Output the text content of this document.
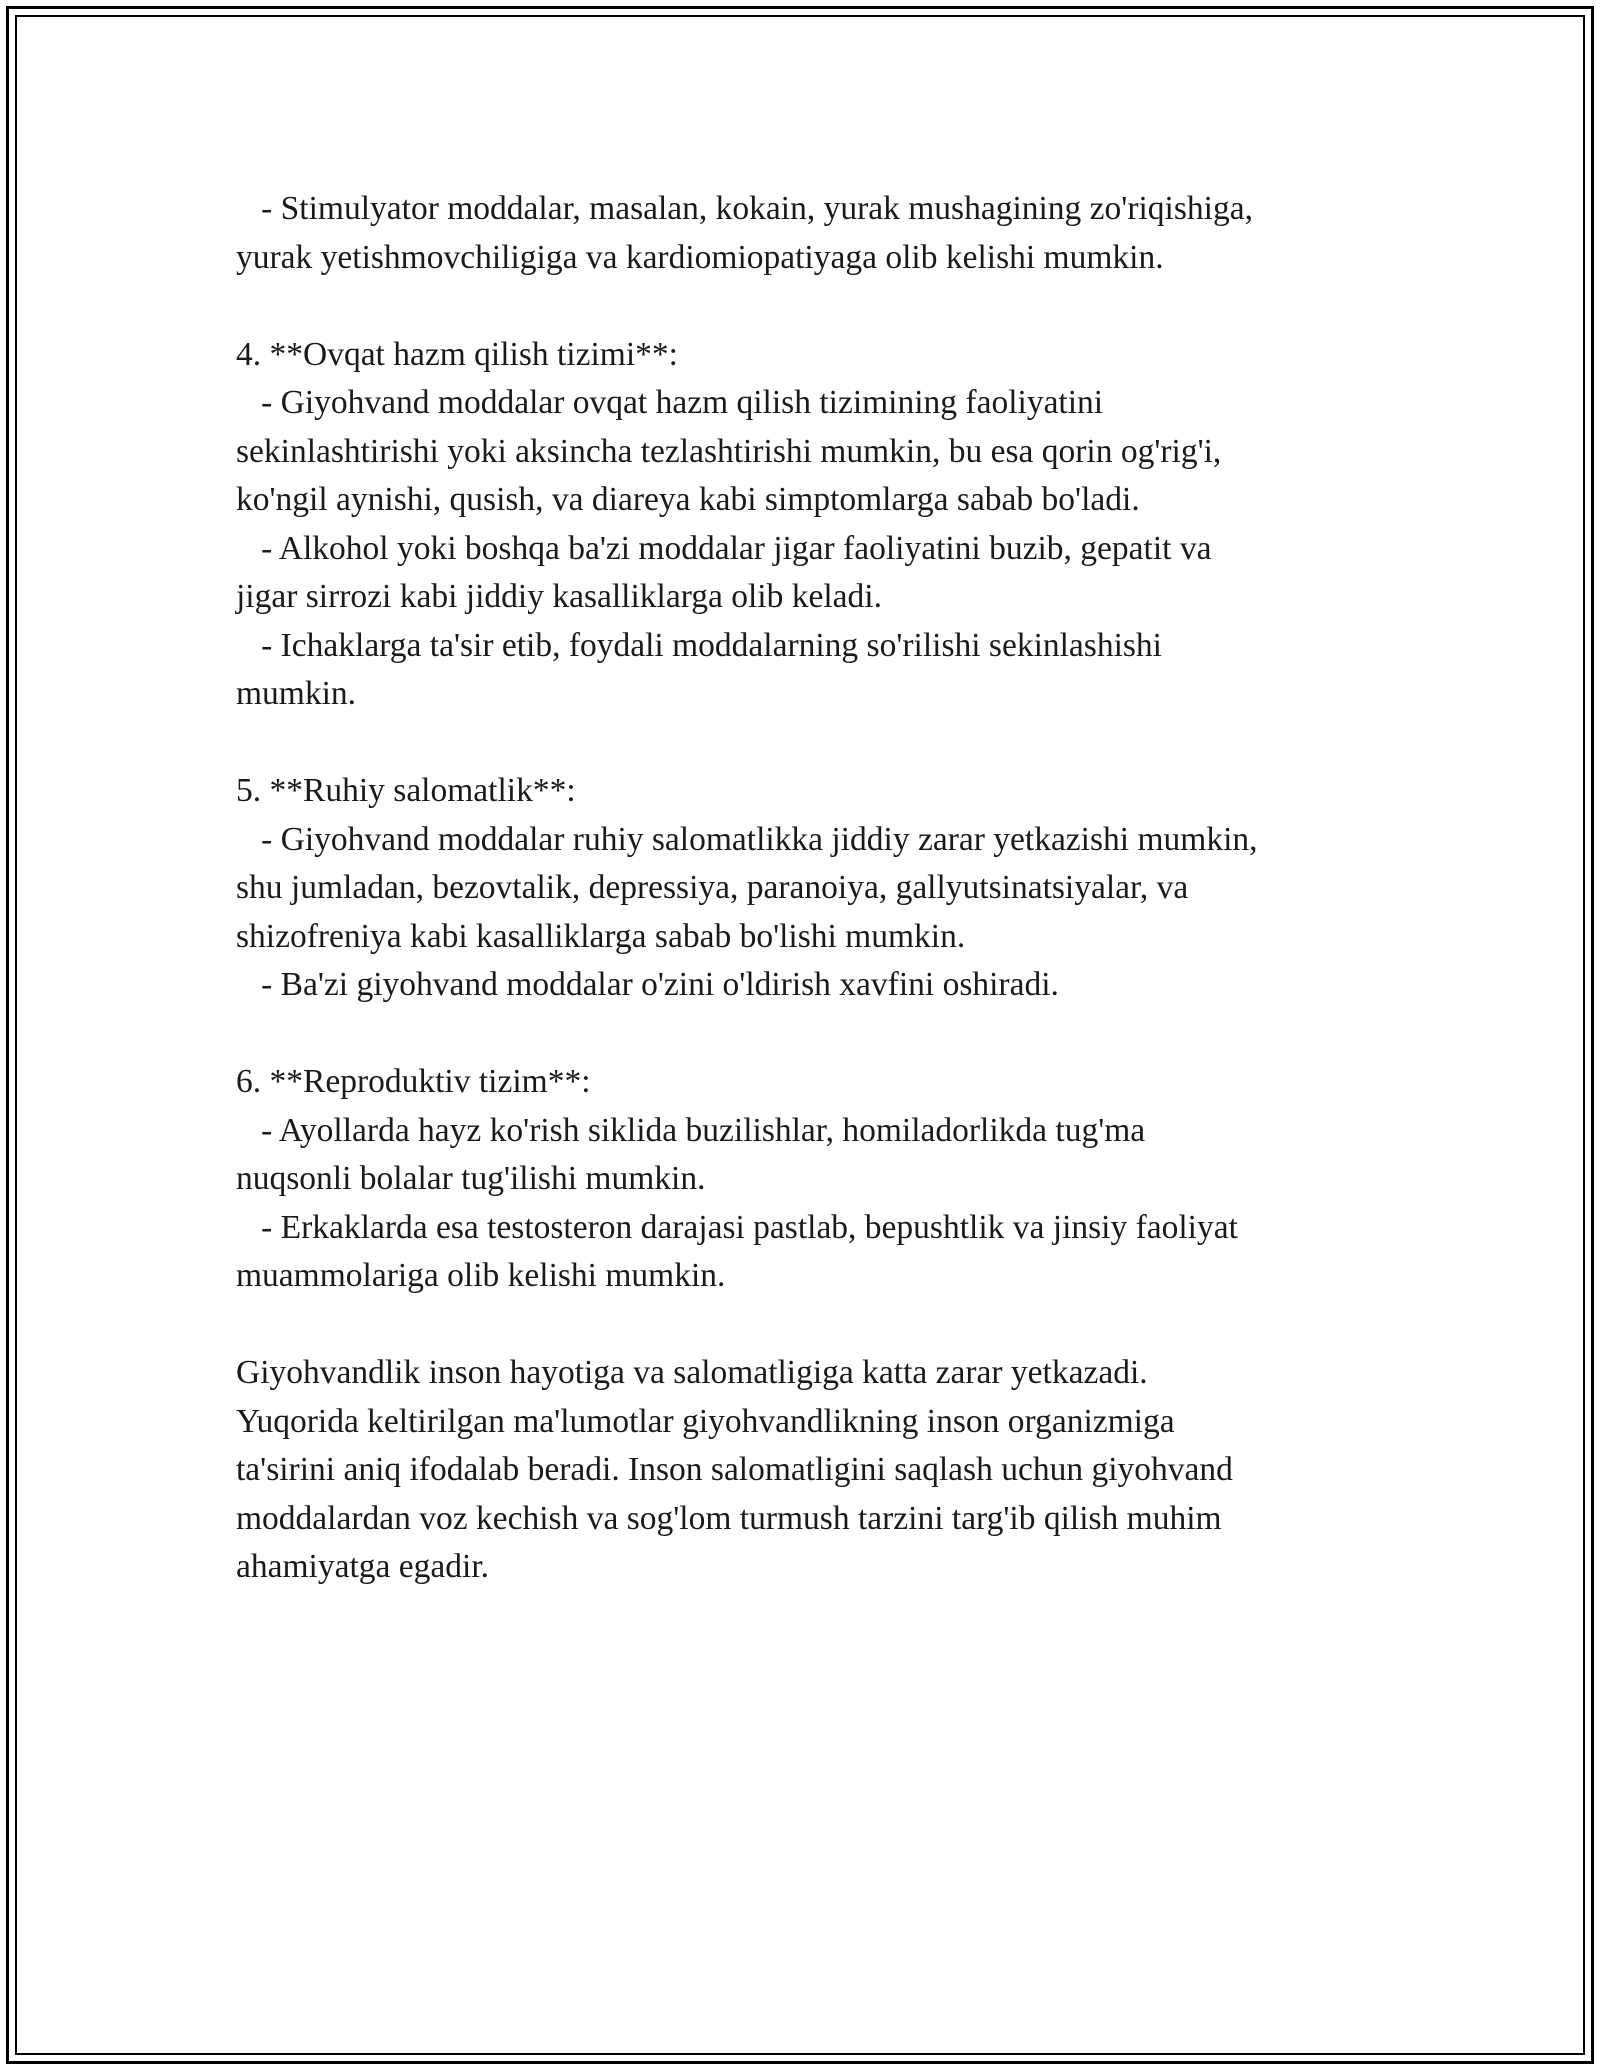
- Stimulyator moddalar, masalan, kokain, yurak mushagining zo'riqishiga,
yurak yetishmovchiligiga va kardiomiopatiyaga olib kelishi mumkin.
4. **Ovqat hazm qilish tizimi**:
- Giyohvand moddalar ovqat hazm qilish tizimining faoliyatini
sekinlashtirishi yoki aksincha tezlashtirishi mumkin, bu esa qorin og'rig'i,
ko'ngil aynishi, qusish, va diareya kabi simptomlarga sabab bo'ladi.
- Alkohol yoki boshqa ba'zi moddalar jigar faoliyatini buzib, gepatit va
jigar sirrozi kabi jiddiy kasalliklarga olib keladi.
- Ichaklarga ta'sir etib, foydali moddalarning so'rilishi sekinlashishi
mumkin.
5. **Ruhiy salomatlik**:
- Giyohvand moddalar ruhiy salomatlikka jiddiy zarar yetkazishi mumkin,
shu jumladan, bezovtalik, depressiya, paranoiya, gallyutsinatsiyalar, va
shizofreniya kabi kasalliklarga sabab bo'lishi mumkin.
- Ba'zi giyohvand moddalar o'zini o'ldirish xavfini oshiradi.
6. **Reproduktiv tizim**:
- Ayollarda hayz ko'rish siklida buzilishlar, homiladorlikda tug'ma
nuqsonli bolalar tug'ilishi mumkin.
- Erkaklarda esa testosteron darajasi pastlab, bepushtlik va jinsiy faoliyat
muammolariga olib kelishi mumkin.
Giyohvandlik inson hayotiga va salomatligiga katta zarar yetkazadi.
Yuqorida keltirilgan ma'lumotlar giyohvandlikning inson organizmiga
ta'sirini aniq ifodalab beradi. Inson salomatligini saqlash uchun giyohvand
moddalardan voz kechish va sog'lom turmush tarzini targ'ib qilish muhim
ahamiyatga egadir.
